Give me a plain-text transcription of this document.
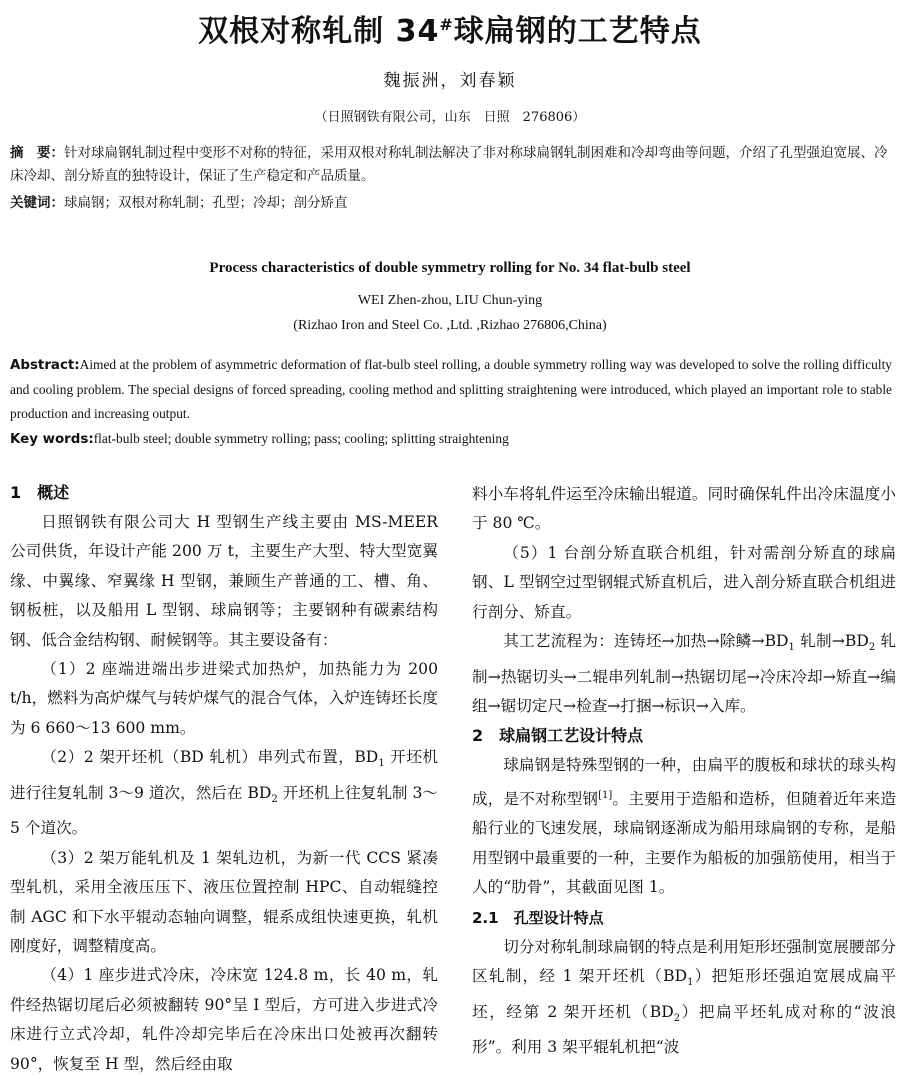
双根对称轧制 34#球扁钢的工艺特点
魏振洲，刘春颖
（日照钢铁有限公司，山东　日照　276806）
摘　要：针对球扁钢轧制过程中变形不对称的特征，采用双根对称轧制法解决了非对称球扁钢轧制困难和冷却弯曲等问题，介绍了孔型强迫宽展、冷床冷却、剖分矫直的独特设计，保证了生产稳定和产品质量。
关键词：球扁钢；双根对称轧制；孔型；冷却；剖分矫直
Process characteristics of double symmetry rolling for No. 34 flat-bulb steel
WEI Zhen-zhou, LIU Chun-ying
(Rizhao Iron and Steel Co. ,Ltd. ,Rizhao 276806,China)
Abstract:Aimed at the problem of asymmetric deformation of flat-bulb steel rolling, a double symmetry rolling way was developed to solve the rolling difficulty and cooling problem. The special designs of forced spreading, cooling method and splitting straightening were introduced, which played an important role to stable production and increasing output.
Key words:flat-bulb steel; double symmetry rolling; pass; cooling; splitting straightening
1　概述

日照钢铁有限公司大 H 型钢生产线主要由 MS-MEER 公司供货，年设计产能 200 万 t，主要生产大型、特大型宽翼缘、中翼缘、窄翼缘 H 型钢，兼顾生产普通的工、槽、角、钢板桩，以及船用 L 型钢、球扁钢等；主要钢种有碳素结构钢、低合金结构钢、耐候钢等。其主要设备有：

（1）2 座端进端出步进梁式加热炉，加热能力为 200 t/h，燃料为高炉煤气与转炉煤气的混合气体，入炉连铸坯长度为 6 660～13 600 mm。

（2）2 架开坯机（BD 轧机）串列式布置，$BD_1$ 开坯机进行往复轧制 3～9 道次，然后在 $BD_2$ 开坯机上往复轧制 3～5 个道次。

（3）2 架万能轧机及 1 架轧边机，为新一代 CCS 紧凑型轧机，采用全液压压下、液压位置控制 HPC、自动辊缝控制 AGC 和下水平辊动态轴向调整，辊系成组快速更换，轧机刚度好，调整精度高。

（4）1 座步进式冷床，冷床宽 124.8 m，长 40 m，轧件经热锯切尾后必须被翻转 90°呈 I 型后，方可进入步进式冷床进行立式冷却，轧件冷却完毕后在冷床出口处被再次翻转 90°，恢复至 H 型，然后经由取

料小车将轧件运至冷床输出辊道。同时确保轧件出冷床温度小于 80 ℃。

（5）1 台剖分矫直联合机组，针对需剖分矫直的球扁钢、L 型钢空过型钢辊式矫直机后，进入剖分矫直联合机组进行剖分、矫直。

其工艺流程为：连铸坯→加热→除鳞$\to BD_1$ 轧制$\to BD_2$ 轧制→热锯切头→二辊串列轧制→热锯切尾→冷床冷却→矫直→编组→锯切定尺→检查→打捆→标识→入库。

2　球扁钢工艺设计特点

球扁钢是特殊型钢的一种，由扁平的腹板和球状的球头构成，是不对称型钢[1]。主要用于造船和造桥，但随着近年来造船行业的飞速发展，球扁钢逐渐成为船用球扁钢的专称，是船用型钢中最重要的一种，主要作为船板的加强筋使用，相当于人的“肋骨”，其截面见图 1。

2.1　孔型设计特点

切分对称轧制球扁钢的特点是利用矩形坯强制宽展腰部分区轧制，经 1 架开坯机$(BD_1)$把矩形坯强迫宽展成扁平坯，经第 2 架开坯机$(BD_2)$把扁平坯轧成对称的“波浪形”。利用 3 架平辊轧机把“波
